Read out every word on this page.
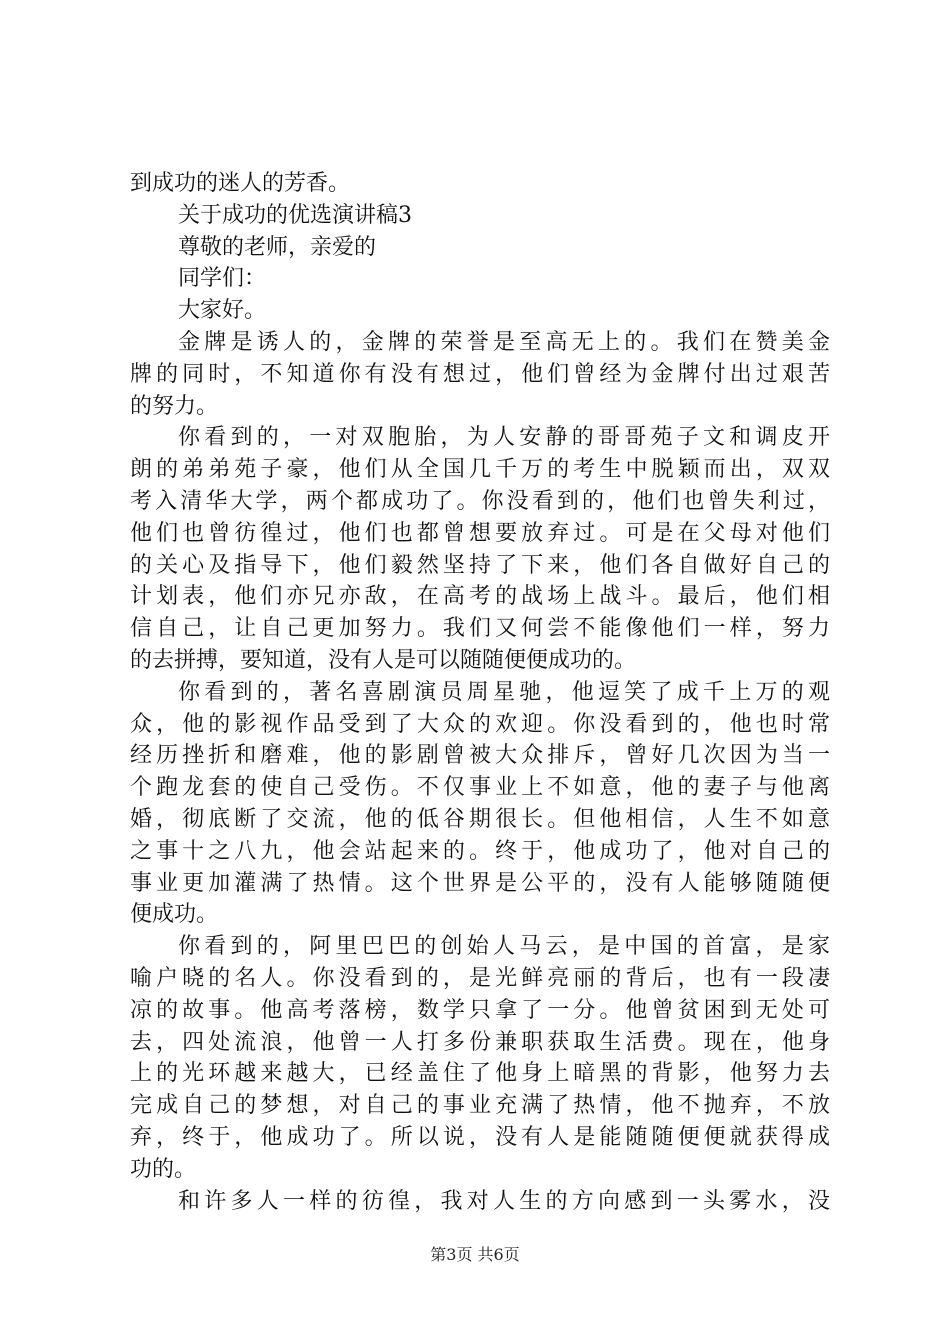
到成功的迷人的芳香。
关于成功的优选演讲稿3
尊敬的老师，亲爱的
同学们：
大家好。
金牌是诱人的，金牌的荣誉是至高无上的。我们在赞美金
牌的同时，不知道你有没有想过，他们曾经为金牌付出过艰苦
的努力。
你看到的，一对双胞胎，为人安静的哥哥苑子文和调皮开
朗的弟弟苑子豪，他们从全国几千万的考生中脱颖而出，双双
考入清华大学，两个都成功了。你没看到的，他们也曾失利过，
他们也曾彷徨过，他们也都曾想要放弃过。可是在父母对他们
的关心及指导下，他们毅然坚持了下来，他们各自做好自己的
计划表，他们亦兄亦敌，在高考的战场上战斗。最后，他们相
信自己，让自己更加努力。我们又何尝不能像他们一样，努力
的去拼搏，要知道，没有人是可以随随便便成功的。
你看到的，著名喜剧演员周星驰，他逗笑了成千上万的观
众，他的影视作品受到了大众的欢迎。你没看到的，他也时常
经历挫折和磨难，他的影剧曾被大众排斥，曾好几次因为当一
个跑龙套的使自己受伤。不仅事业上不如意，他的妻子与他离
婚，彻底断了交流，他的低谷期很长。但他相信，人生不如意
之事十之八九，他会站起来的。终于，他成功了，他对自己的
事业更加灌满了热情。这个世界是公平的，没有人能够随随便
便成功。
你看到的，阿里巴巴的创始人马云，是中国的首富，是家
喻户晓的名人。你没看到的，是光鲜亮丽的背后，也有一段凄
凉的故事。他高考落榜，数学只拿了一分。他曾贫困到无处可
去，四处流浪，他曾一人打多份兼职获取生活费。现在，他身
上的光环越来越大，已经盖住了他身上暗黑的背影，他努力去
完成自己的梦想，对自己的事业充满了热情，他不抛弃，不放
弃，终于，他成功了。所以说，没有人是能随随便便就获得成
功的。
和许多人一样的彷徨，我对人生的方向感到一头雾水，没
第3页 共6页
